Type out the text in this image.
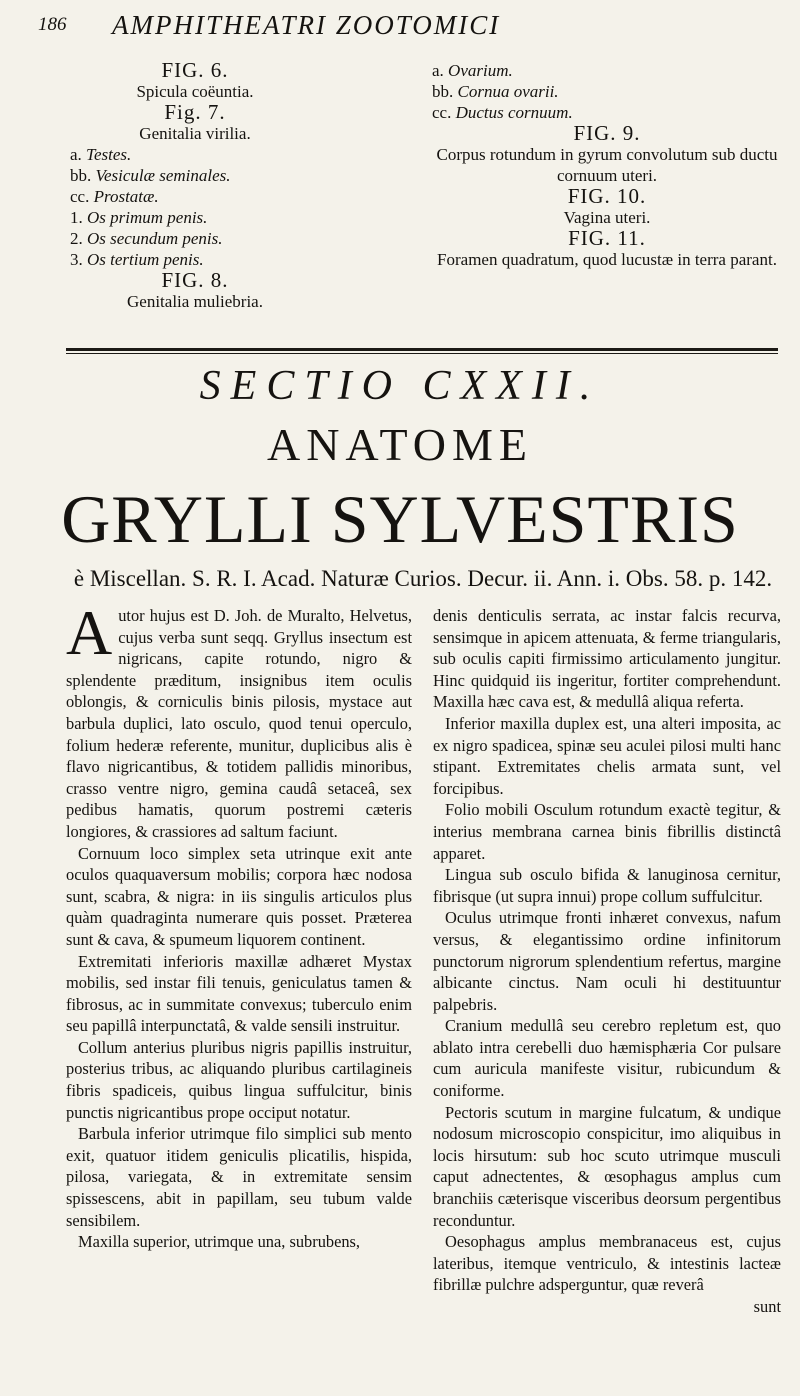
186 AMPHITHEATRI ZOOTOMICI

FIG. 6.

Spicula coëuntia.

Fig. 7.

Genitalia virilia.

a. Testes.

bb. Vesiculæ seminales.

cc. Prostatæ.

1. Os primum penis.

2. Os secundum penis.

3. Os tertium penis.

FIG. 8.

Genitalia muliebria.

a. Ovarium.

bb. Cornua ovarii.

cc. Ductus cornuum.

FIG. 9.

Corpus rotundum in gyrum convolutum sub ductu cornuum uteri.

FIG. 10.

Vagina uteri.

FIG. 11.

Foramen quadratum, quod lucustæ in terra parant.

SECTIO CXXII.
ANATOME
GRYLLI SYLVESTRIS
è Miscellan. S. R. I. Acad. Naturæ Curios. Decur. ii. Ann. i. Obs. 58. p. 142.

Autor hujus est D. Joh. de Muralto, Helvetus, cujus verba sunt seqq. Gryllus insectum est nigricans, capite rotundo, nigro & splendente præditum, insignibus item oculis oblongis, & corniculis binis pilosis, mystace aut barbula duplici, lato osculo, quod tenui operculo, folium hederæ referente, munitur, duplicibus alis è flavo nigricantibus, & totidem pallidis minoribus, crasso ventre nigro, gemina caudâ setaceâ, sex pedibus hamatis, quorum postremi cæteris longiores, & crassiores ad saltum faciunt.

Cornuum loco simplex seta utrinque exit ante oculos quaquaversum mobilis; corpora hæc nodosa sunt, scabra, & nigra: in iis singulis articulos plus quàm quadraginta numerare quis posset. Præterea sunt & cava, & spumeum liquorem continent.

Extremitati inferioris maxillæ adhæret Mystax mobilis, sed instar fili tenuis, geniculatus tamen & fibrosus, ac in summitate convexus; tuberculo enim seu papillâ interpunctatâ, & valde sensili instruitur.

Collum anterius pluribus nigris papillis instruitur, posterius tribus, ac aliquando pluribus cartilagineis fibris spadiceis, quibus lingua suffulcitur, binis punctis nigricantibus prope occiput notatur.

Barbula inferior utrimque filo simplici sub mento exit, quatuor itidem geniculis plicatilis, hispida, pilosa, variegata, & in extremitate sensim spissescens, abit in papillam, seu tubum valde sensibilem.

Maxilla superior, utrimque una, subrubens,

denis denticulis serrata, ac instar falcis recurva, sensimque in apicem attenuata, & ferme triangularis, sub oculis capiti firmissimo articulamento jungitur. Hinc quidquid iis ingeritur, fortiter comprehendunt. Maxilla hæc cava est, & medullâ aliqua referta.

Inferior maxilla duplex est, una alteri imposita, ac ex nigro spadicea, spinæ seu aculei pilosi multi hanc stipant. Extremitates chelis armata sunt, vel forcipibus.

Folio mobili Osculum rotundum exactè tegitur, & interius membrana carnea binis fibrillis distinctâ apparet.

Lingua sub osculo bifida & lanuginosa cernitur, fibrisque (ut supra innui) prope collum suffulcitur.

Oculus utrimque fronti inhæret convexus, nafum versus, & elegantissimo ordine infinitorum punctorum nigrorum splendentium refertus, margine albicante cinctus. Nam oculi hi destituuntur palpebris.

Cranium medullâ seu cerebro repletum est, quo ablato intra cerebelli duo hæmisphæria Cor pulsare cum auricula manifeste visitur, rubicundum & coniforme.

Pectoris scutum in margine fulcatum, & undique nodosum microscopio conspicitur, imo aliquibus in locis hirsutum: sub hoc scuto utrimque musculi caput adnectentes, & œsophagus amplus cum branchiis cæterisque visceribus deorsum pergentibus reconduntur.

Oesophagus amplus membranaceus est, cujus lateribus, itemque ventriculo, & intestinis lacteæ fibrillæ pulchre adsperguntur, quæ reverâ

sunt
